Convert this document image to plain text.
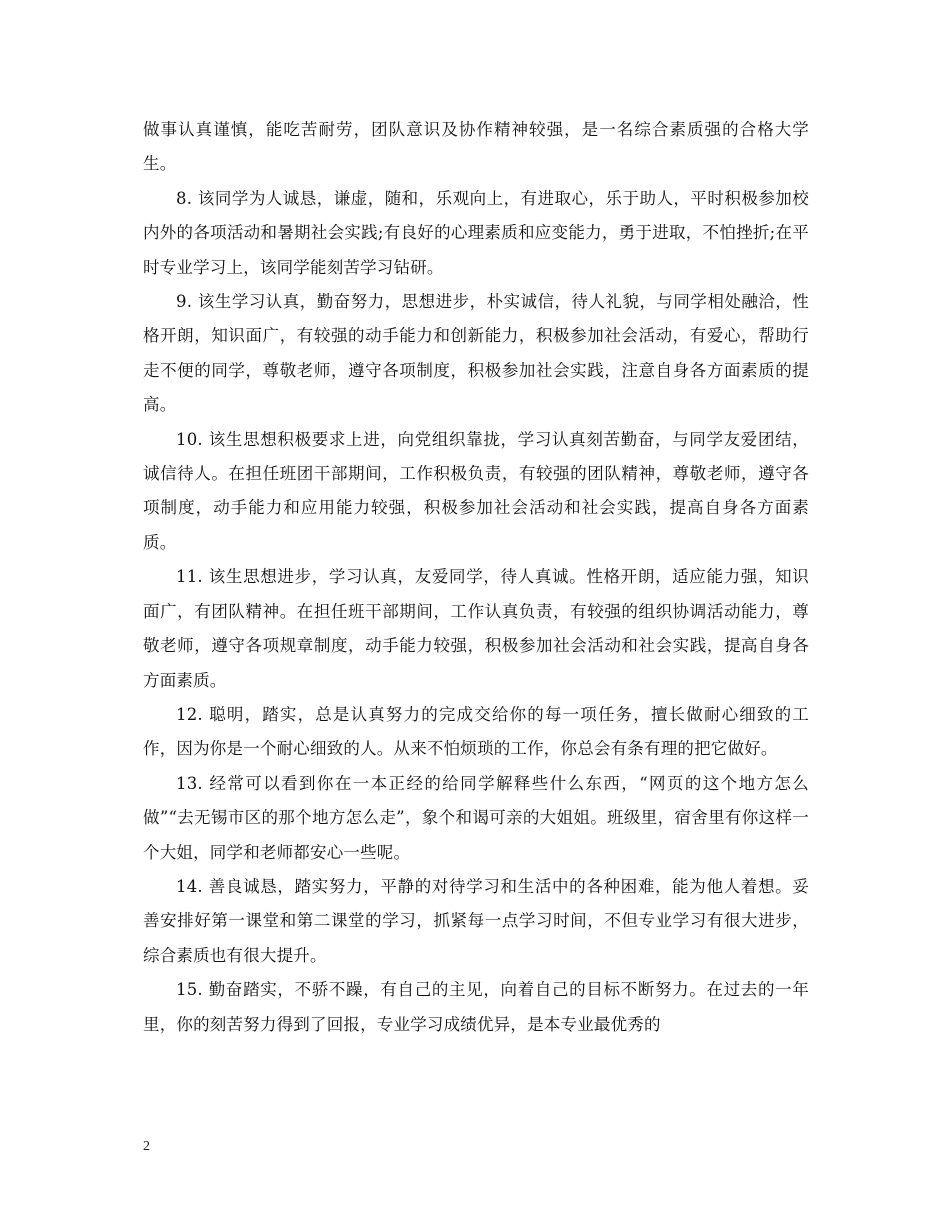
做事认真谨慎，能吃苦耐劳，团队意识及协作精神较强，是一名综合素质强的合格大学生。

8. 该同学为人诚恳，谦虚，随和，乐观向上，有进取心，乐于助人，平时积极参加校内外的各项活动和暑期社会实践;有良好的心理素质和应变能力，勇于进取，不怕挫折;在平时专业学习上，该同学能刻苦学习钻研。

9. 该生学习认真，勤奋努力，思想进步，朴实诚信，待人礼貌，与同学相处融洽，性格开朗，知识面广，有较强的动手能力和创新能力，积极参加社会活动，有爱心，帮助行走不便的同学，尊敬老师，遵守各项制度，积极参加社会实践，注意自身各方面素质的提高。

10. 该生思想积极要求上进，向党组织靠拢，学习认真刻苦勤奋，与同学友爱团结，诚信待人。在担任班团干部期间，工作积极负责，有较强的团队精神，尊敬老师，遵守各项制度，动手能力和应用能力较强，积极参加社会活动和社会实践，提高自身各方面素质。

11. 该生思想进步，学习认真，友爱同学，待人真诚。性格开朗，适应能力强，知识面广，有团队精神。在担任班干部期间，工作认真负责，有较强的组织协调活动能力，尊敬老师，遵守各项规章制度，动手能力较强，积极参加社会活动和社会实践，提高自身各方面素质。

12. 聪明，踏实，总是认真努力的完成交给你的每一项任务，擅长做耐心细致的工作，因为你是一个耐心细致的人。从来不怕烦琐的工作，你总会有条有理的把它做好。

13. 经常可以看到你在一本正经的给同学解释些什么东西，“网页的这个地方怎么做”“去无锡市区的那个地方怎么走”，象个和谒可亲的大姐姐。班级里，宿舍里有你这样一个大姐，同学和老师都安心一些呢。

14. 善良诚恳，踏实努力，平静的对待学习和生活中的各种困难，能为他人着想。妥善安排好第一课堂和第二课堂的学习，抓紧每一点学习时间，不但专业学习有很大进步，综合素质也有很大提升。

15. 勤奋踏实，不骄不躁，有自己的主见，向着自己的目标不断努力。在过去的一年里，你的刻苦努力得到了回报，专业学习成绩优异，是本专业最优秀的

2
